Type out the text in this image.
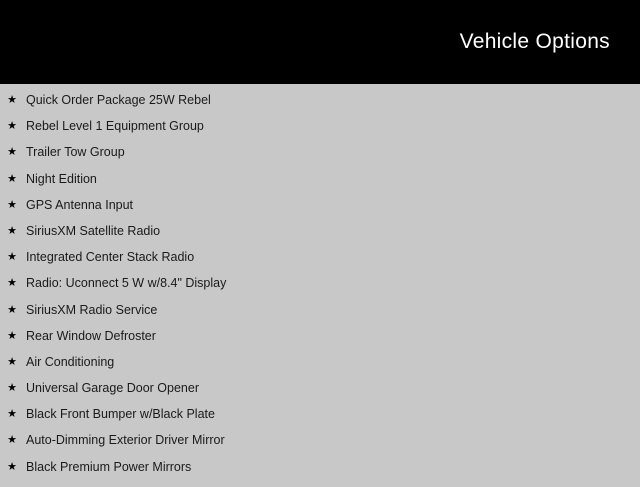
Vehicle Options
★ Quick Order Package 25W Rebel
★ Rebel Level 1 Equipment Group
★ Trailer Tow Group
★ Night Edition
★ GPS Antenna Input
★ SiriusXM Satellite Radio
★ Integrated Center Stack Radio
★ Radio: Uconnect 5 W w/8.4" Display
★ SiriusXM Radio Service
★ Rear Window Defroster
★ Air Conditioning
★ Universal Garage Door Opener
★ Black Front Bumper w/Black Plate
★ Auto-Dimming Exterior Driver Mirror
★ Black Premium Power Mirrors
